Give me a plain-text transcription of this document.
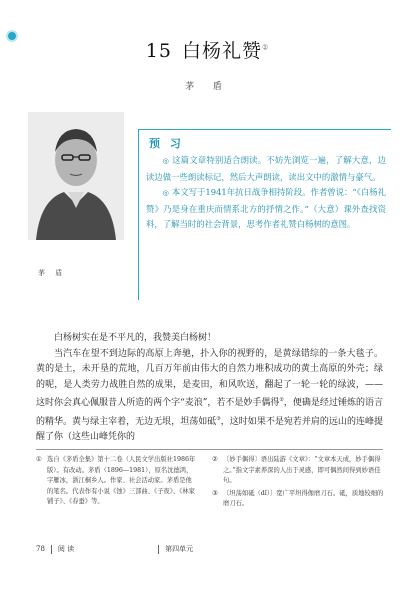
15 白杨礼赞①
茅 盾
茅 盾
预 习

◎ 这篇文章特别适合朗读。不妨先浏览一遍，了解大意，边读边做一些朗读标记，然后大声朗读，读出文中的激情与豪气。

◎ 本文写于1941年抗日战争相持阶段。作者曾说：“《白杨礼赞》乃是身在重庆而情系北方的抒情之作。”（大意）课外查找资料，了解当时的社会背景，思考作者礼赞白杨树的意图。

白杨树实在是不平凡的，我赞美白杨树！

当汽车在望不到边际的高原上奔驰，扑入你的视野的，是黄绿错综的一条大毯子。黄的是土，未开垦的荒地，几百万年前由伟大的自然力堆积成功的黄土高原的外壳；绿的呢，是人类劳力战胜自然的成果，是麦田，和风吹送，翻起了一轮一轮的绿波，——这时你会真心佩服昔人所造的两个字“麦浪”，若不是妙手偶得②，便确是经过锤炼的语言的精华。黄与绿主宰着，无边无垠，坦荡如砥③，这时如果不是宛若并肩的远山的连峰提醒了你（这些山峰凭你的

① 选自《茅盾全集》第十二卷（人民文学出版社1986年版）。有改动。茅盾（1896—1981），原名沈德鸿，字雁冰，浙江桐乡人。作家、社会活动家。茅盾是他的笔名。代表作有小说《蚀》三部曲、《子夜》、《林家铺子》、《春蚕》等。
② 〔妙手偶得〕语出陆游《文章》：“文章本天成，妙手偶得之。”指文字素养深的人出于灵感，即可偶然间得到妙语佳句。
③ 〔坦荡如砥（dǐ）〕宽广平坦得像磨刀石。砥，质地较细的磨刀石。
78 阅 读	第四单元
